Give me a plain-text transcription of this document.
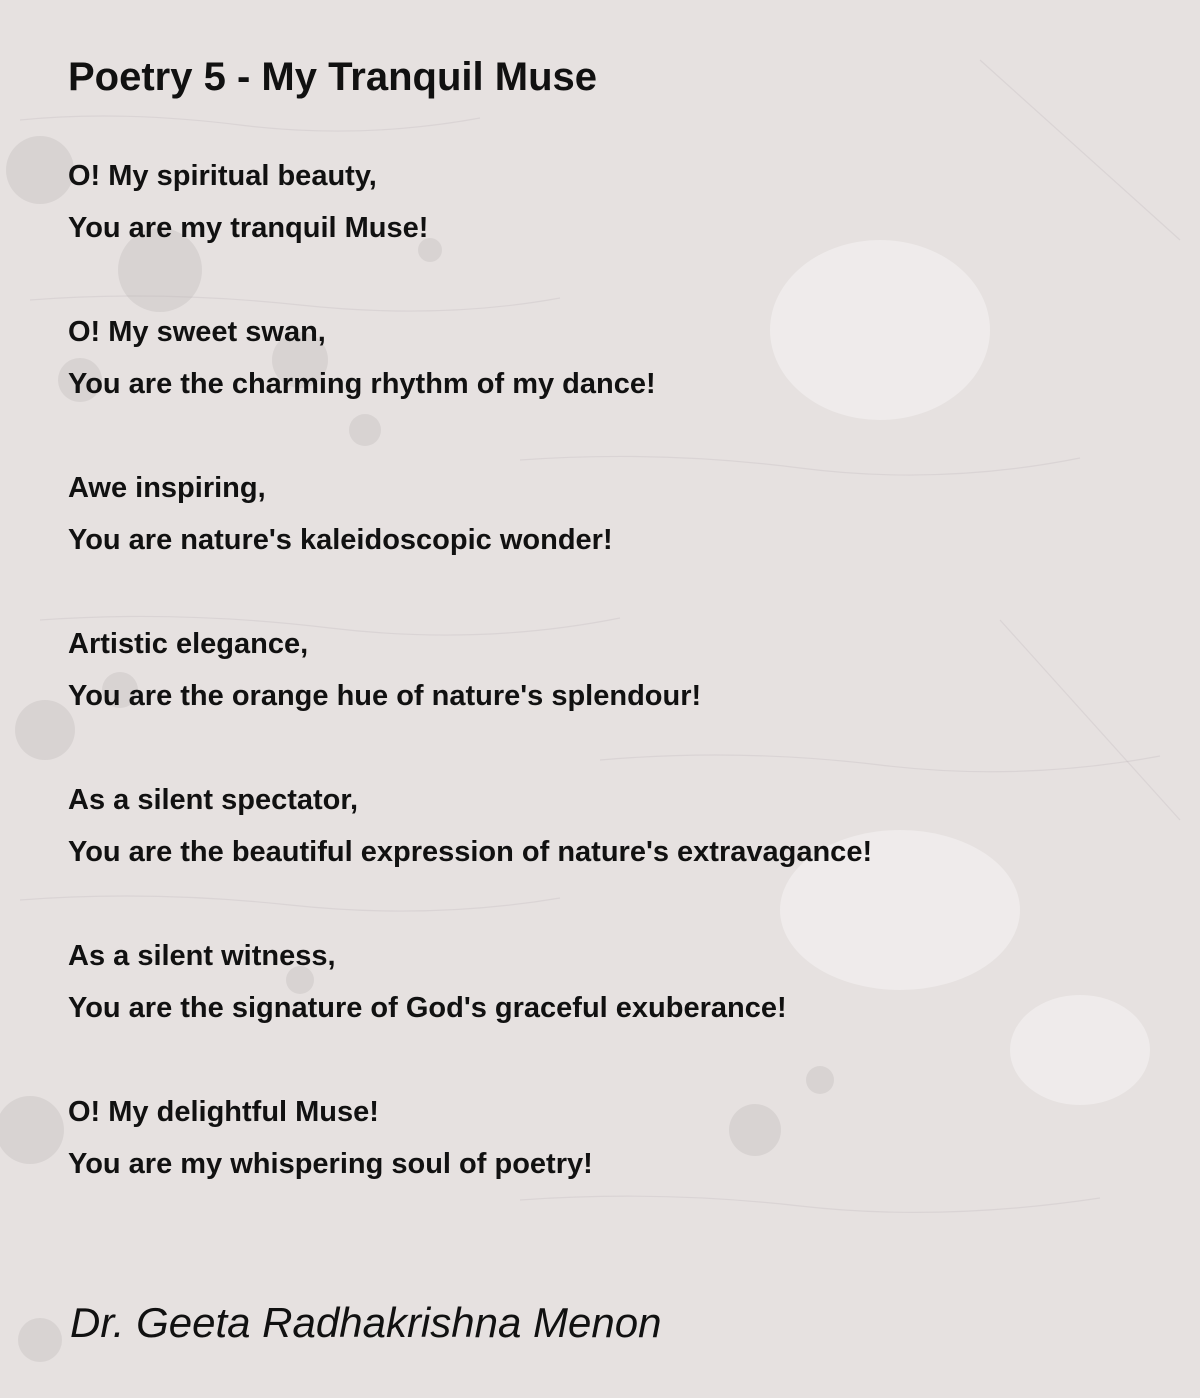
Poetry 5 - My Tranquil Muse
O! My spiritual beauty,
You are my tranquil Muse!
O! My sweet swan,
You are the charming rhythm of my dance!
Awe inspiring,
You are nature's kaleidoscopic wonder!
Artistic elegance,
You are the orange hue of nature's splendour!
As a silent spectator,
You are the beautiful expression of nature's extravagance!
As a silent witness,
You are the signature of God's graceful exuberance!
O! My delightful Muse!
You are my whispering soul of poetry!
Dr. Geeta Radhakrishna Menon
